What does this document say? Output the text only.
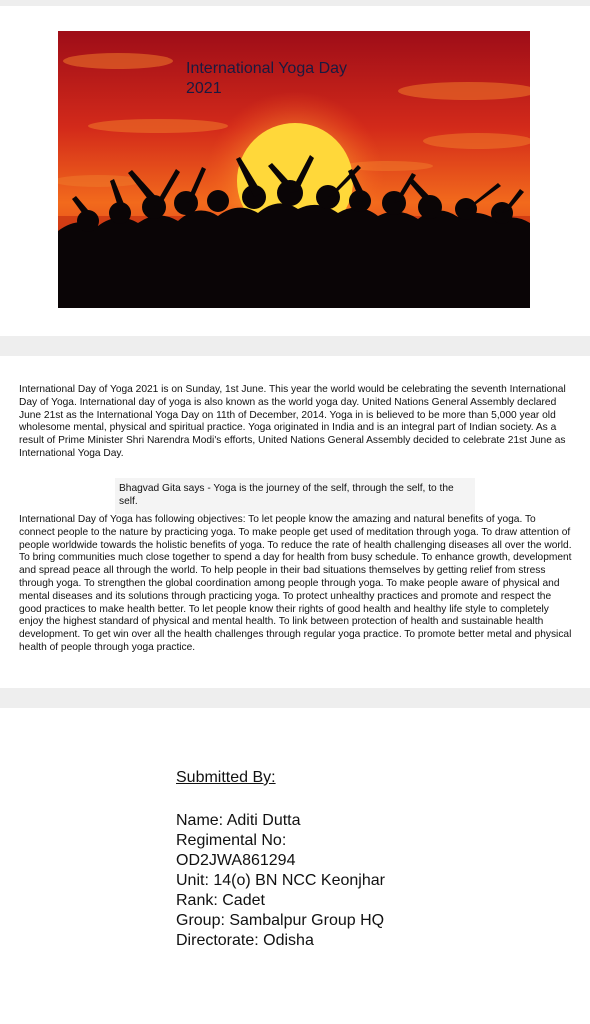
International Yoga Day 2021

International Day of Yoga 2021 is on Sunday, 1st June. This year the world would be celebrating the seventh International Day of Yoga. International day of yoga is also known as the world yoga day. United Nations General Assembly declared June 21st as the International Yoga Day on 11th of December, 2014. Yoga in is believed to be more than 5,000 year old wholesome mental, physical and spiritual practice. Yoga originated in India and is an integral part of Indian society. As a result of Prime Minister Shri Narendra Modi's efforts, United Nations General Assembly decided to celebrate 21st June as International Yoga Day.

Bhagvad Gita says - Yoga is the journey of the self, through the self, to the self.

International Day of Yoga has following objectives: To let people know the amazing and natural benefits of yoga. To connect people to the nature by practicing yoga. To make people get used of meditation through yoga. To draw attention of people worldwide towards the holistic benefits of yoga. To reduce the rate of health challenging diseases all over the world. To bring communities much close together to spend a day for health from busy schedule. To enhance growth, development and spread peace all through the world. To help people in their bad situations themselves by getting relief from stress through yoga. To strengthen the global coordination among people through yoga. To make people aware of physical and mental diseases and its solutions through practicing yoga. To protect unhealthy practices and promote and respect the good practices to make health better. To let people know their rights of good health and healthy life style to completely enjoy the highest standard of physical and mental health. To link between protection of health and sustainable health development. To get win over all the health challenges through regular yoga practice. To promote better metal and physical health of people through yoga practice.

Submitted By:
Name: Aditi Dutta
Regimental No:
OD2JWA861294
Unit: 14(o) BN NCC Keonjhar
Rank: Cadet
Group: Sambalpur Group HQ
Directorate: Odisha
